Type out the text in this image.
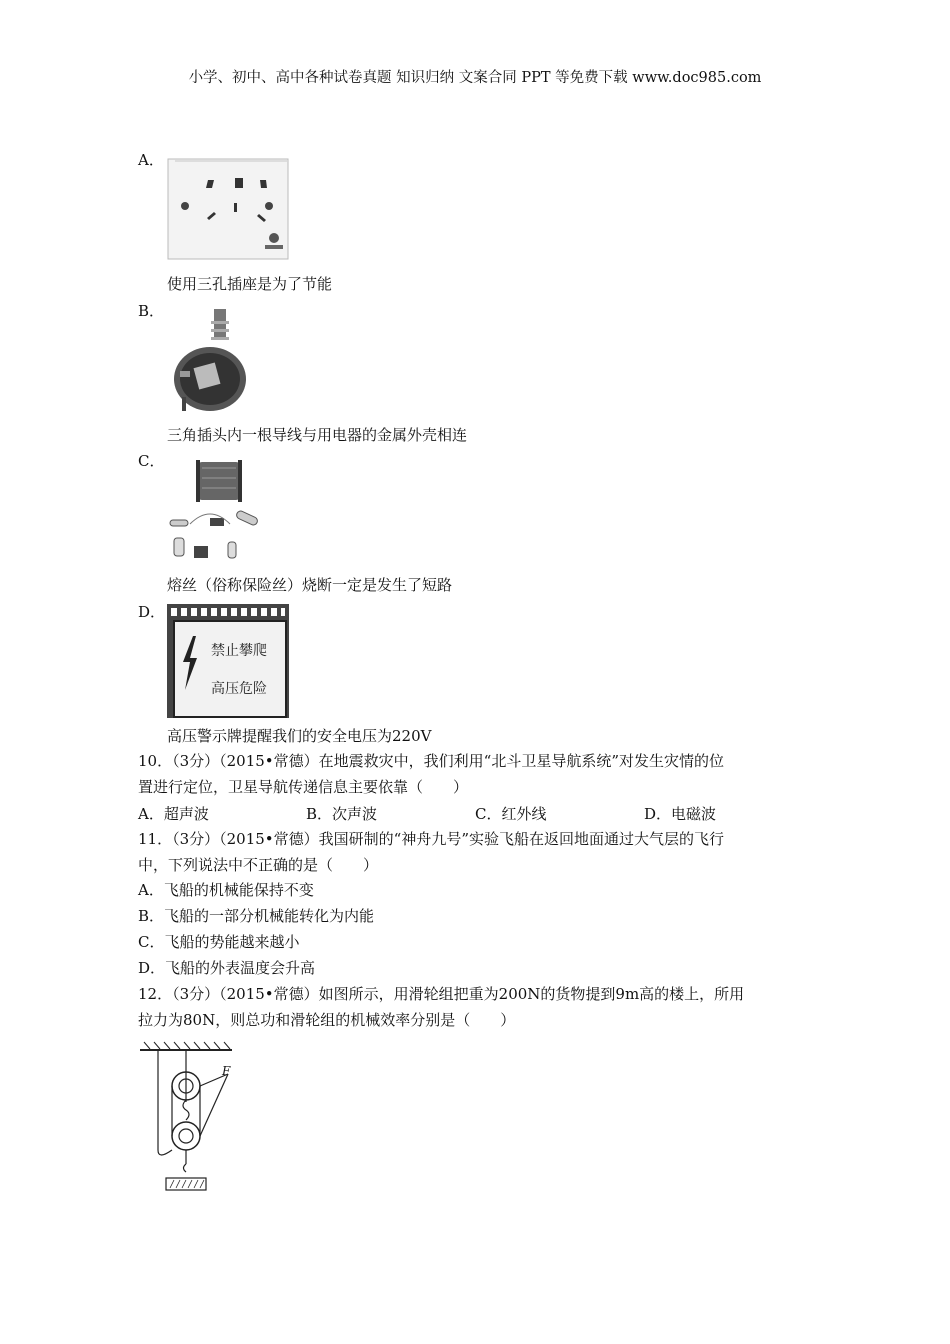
小学、初中、高中各种试卷真题 知识归纳 文案合同 PPT 等免费下载 www.doc985.com
A．
使用三孔插座是为了节能
B．
三角插头内一根导线与用电器的金属外壳相连
C．
熔丝（俗称保险丝）烧断一定是发生了短路
D．
禁止攀爬
高压危险
高压警示牌提醒我们的安全电压为220V
10．（3分）（2015•常德）在地震救灾中，我们利用“北斗卫星导航系统”对发生灾情的位
置进行定位，卫星导航传递信息主要依靠（　　）
A．超声波	B．次声波	C．红外线	D．电磁波
11．（3分）（2015•常德）我国研制的“神舟九号”实验飞船在返回地面通过大气层的飞行
中，下列说法中不正确的是（　　）
A．飞船的机械能保持不变
B．飞船的一部分机械能转化为内能
C．飞船的势能越来越小
D．飞船的外表温度会升高
12．（3分）（2015•常德）如图所示，用滑轮组把重为200N的货物提到9m高的楼上，所用
拉力为80N，则总功和滑轮组的机械效率分别是（　　）
F
